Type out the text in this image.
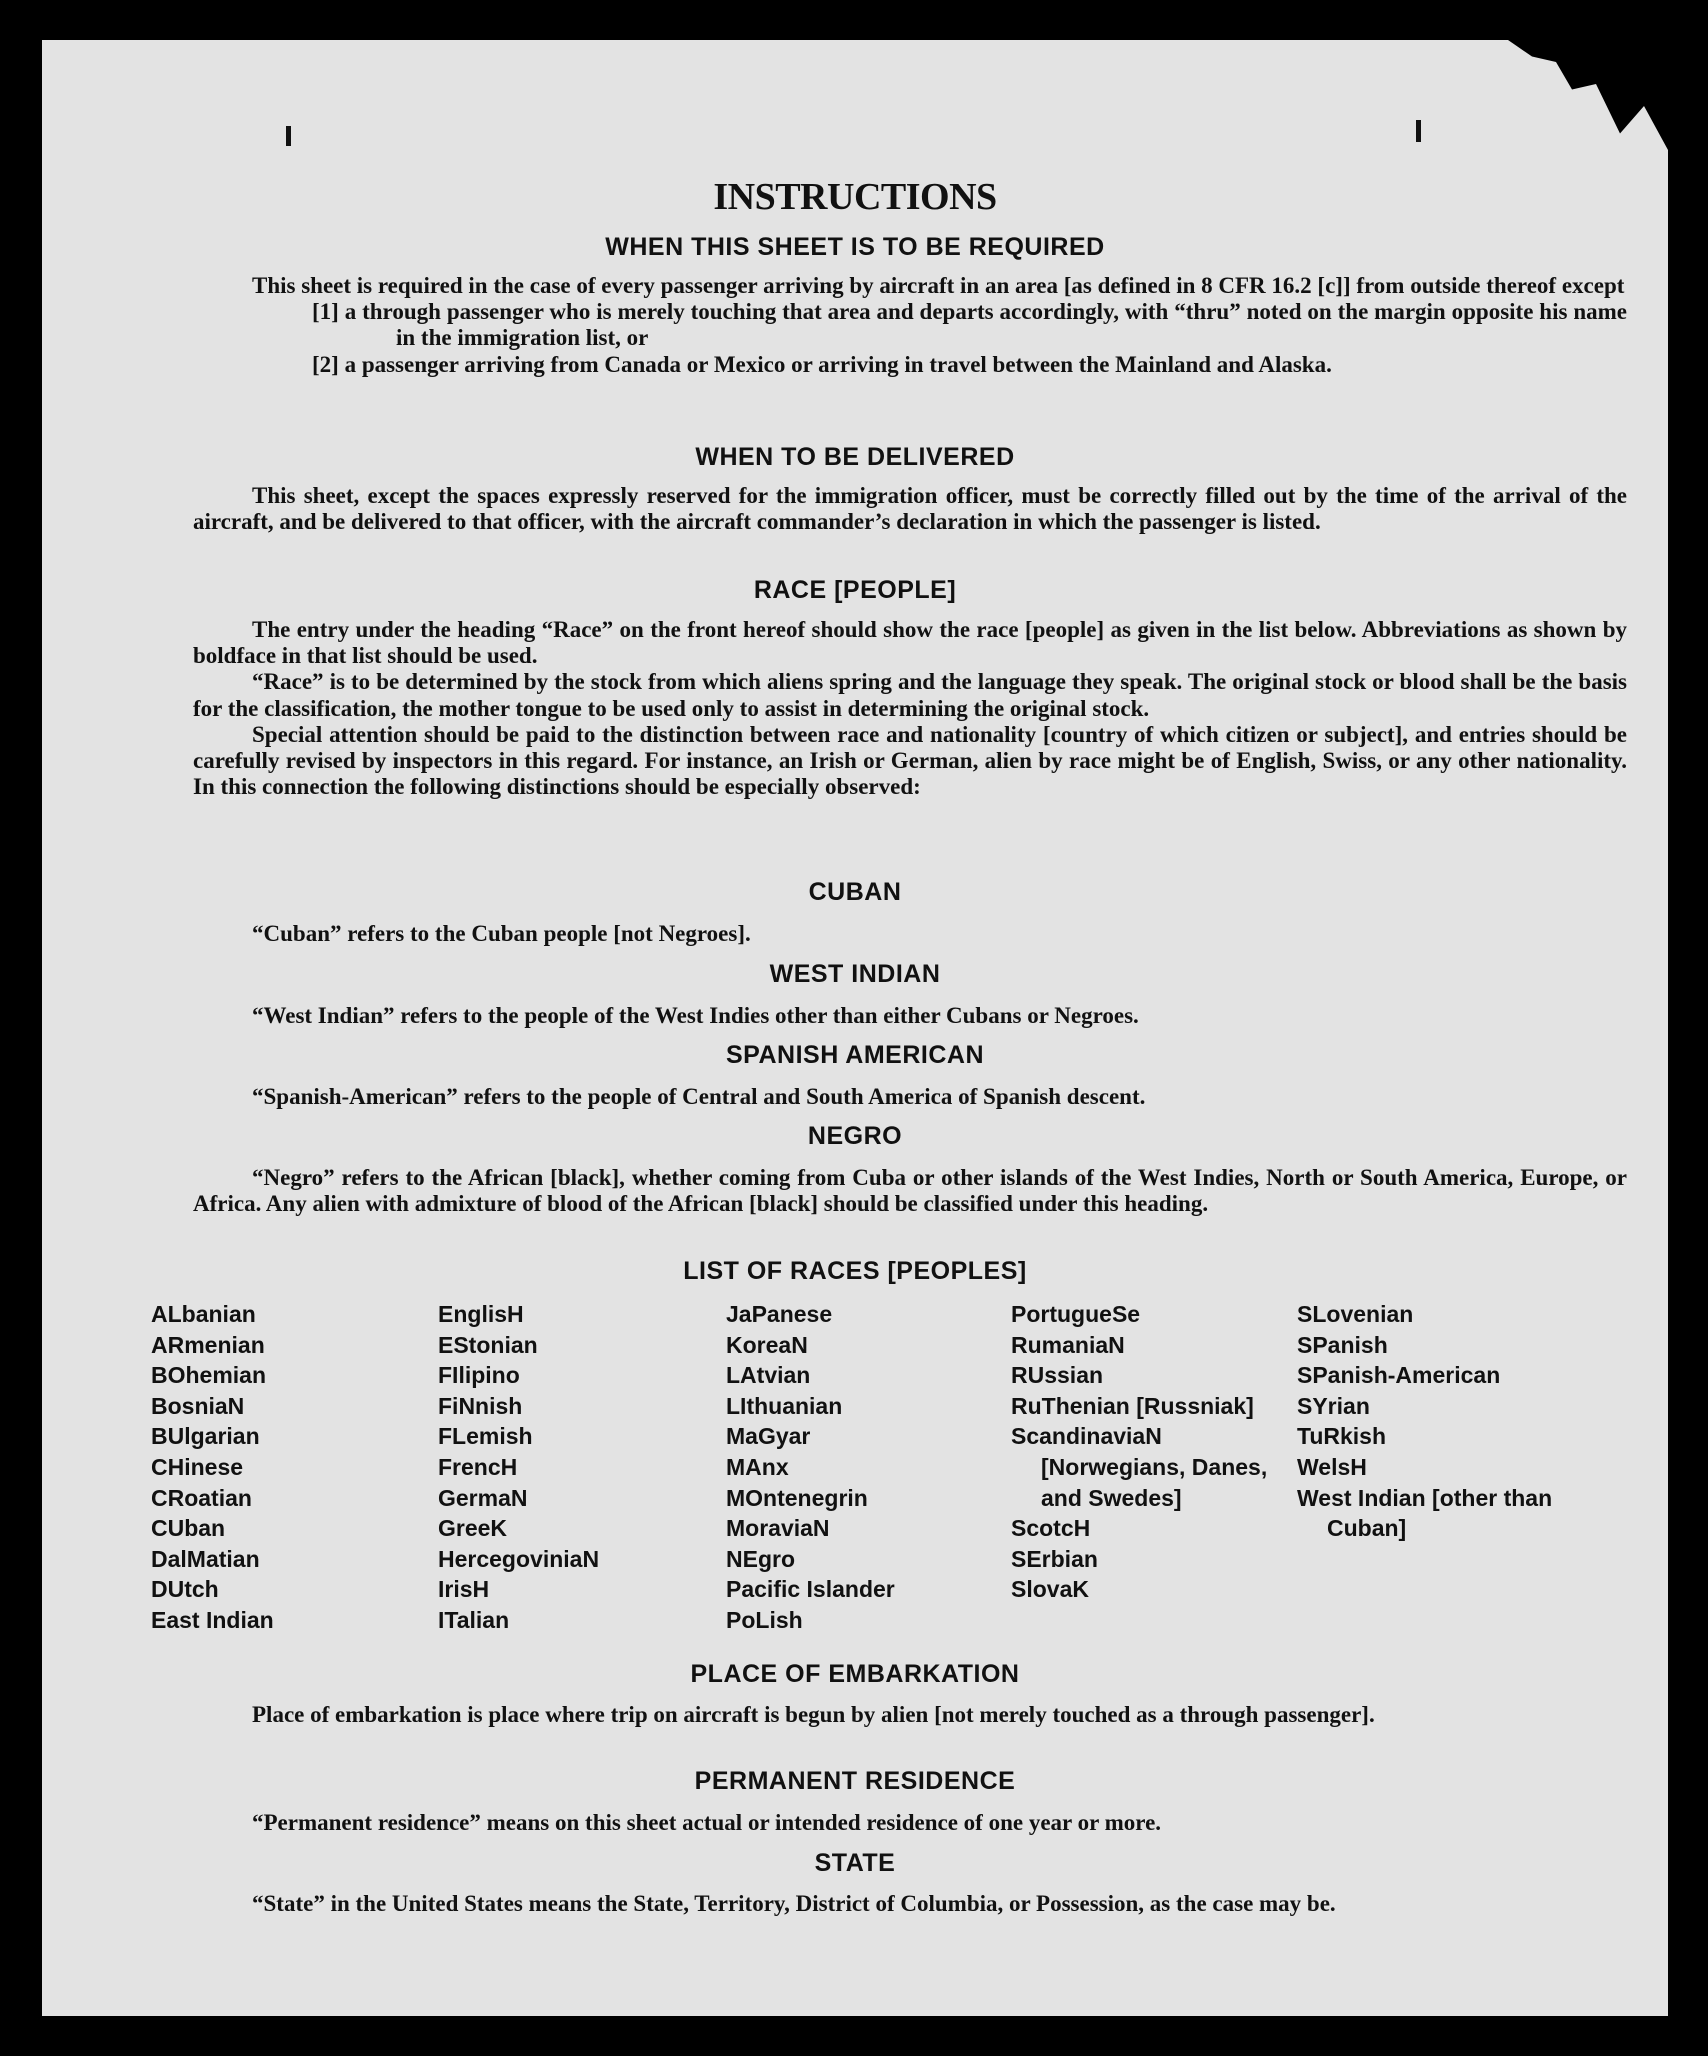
INSTRUCTIONS
WHEN THIS SHEET IS TO BE REQUIRED

This sheet is required in the case of every passenger arriving by aircraft in an area [as defined in 8 CFR 16.2 [c]] from outside thereof except

[1] a through passenger who is merely touching that area and departs accordingly, with “thru” noted on the margin opposite his name in the immigration list, or

[2] a passenger arriving from Canada or Mexico or arriving in travel between the Mainland and Alaska.

WHEN TO BE DELIVERED

This sheet, except the spaces expressly reserved for the immigration officer, must be correctly filled out by the time of the arrival of the aircraft, and be delivered to that officer, with the aircraft commander’s declaration in which the passenger is listed.

RACE [PEOPLE]

The entry under the heading “Race” on the front hereof should show the race [people] as given in the list below. Abbreviations as shown by boldface in that list should be used.

“Race” is to be determined by the stock from which aliens spring and the language they speak. The original stock or blood shall be the basis for the classification, the mother tongue to be used only to assist in determining the original stock.

Special attention should be paid to the distinction between race and nationality [country of which citizen or subject], and entries should be carefully revised by inspectors in this regard. For instance, an Irish or German, alien by race might be of English, Swiss, or any other nationality. In this connection the following distinctions should be especially observed:

CUBAN

“Cuban” refers to the Cuban people [not Negroes].

WEST INDIAN

“West Indian” refers to the people of the West Indies other than either Cubans or Negroes.

SPANISH AMERICAN

“Spanish-American” refers to the people of Central and South America of Spanish descent.

NEGRO

“Negro” refers to the African [black], whether coming from Cuba or other islands of the West Indies, North or South America, Europe, or Africa. Any alien with admixture of blood of the African [black] should be classified under this heading.

LIST OF RACES [PEOPLES]
ALbanian
ARmenian
BOhemian
BosniaN
BUlgarian
CHinese
CRoatian
CUban
DalMatian
DUtch
East Indian
EnglisH
EStonian
FIlipino
FiNnish
FLemish
FrencH
GermaN
GreeK
HercegoviniaN
IrisH
ITalian
JaPanese
KoreaN
LAtvian
LIthuanian
MaGyar
MAnx
MOntenegrin
MoraviaN
NEgro
Pacific Islander
PoLish
PortugueSe
RumaniaN
RUssian
RuThenian [Russniak]
ScandinaviaN [Norwegians, Danes, and Swedes]
ScotcH
SErbian
SlovaK
SLovenian
SPanish
SPanish-American
SYrian
TuRkish
WelsH
West Indian [other than Cuban]
PLACE OF EMBARKATION

Place of embarkation is place where trip on aircraft is begun by alien [not merely touched as a through passenger].

PERMANENT RESIDENCE

“Permanent residence” means on this sheet actual or intended residence of one year or more.

STATE

“State” in the United States means the State, Territory, District of Columbia, or Possession, as the case may be.
